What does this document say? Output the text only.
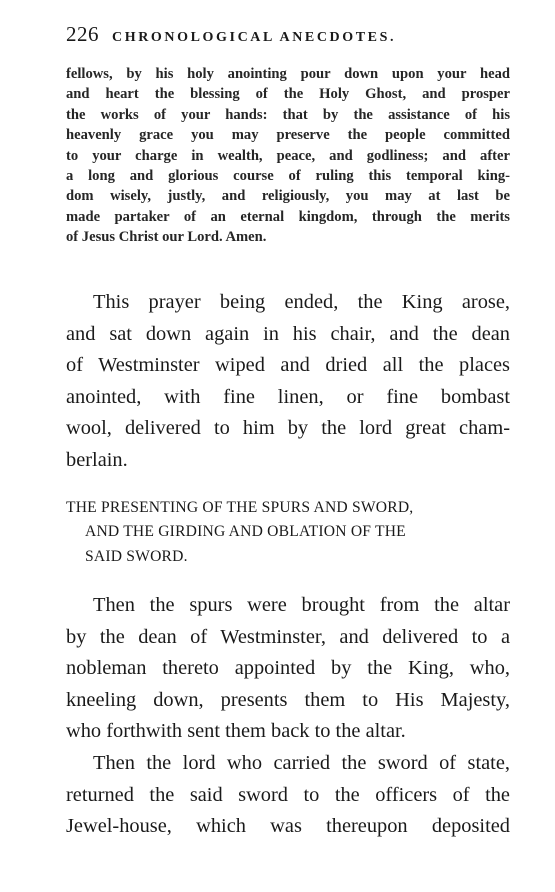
226 CHRONOLOGICAL ANECDOTES.
fellows, by his holy anointing pour down upon your head
and heart the blessing of the Holy Ghost, and prosper
the works of your hands: that by the assistance of his
heavenly grace you may preserve the people committed
to your charge in wealth, peace, and godliness; and after
a long and glorious course of ruling this temporal king-
dom wisely, justly, and religiously, you may at last be
made partaker of an eternal kingdom, through the merits
of Jesus Christ our Lord. Amen.
This prayer being ended, the King arose,
and sat down again in his chair, and the dean
of Westminster wiped and dried all the places
anointed, with fine linen, or fine bombast
wool, delivered to him by the lord great cham-
berlain.
THE PRESENTING OF THE SPURS AND SWORD,
AND THE GIRDING AND OBLATION OF THE
SAID SWORD.
Then the spurs were brought from the altar
by the dean of Westminster, and delivered to a
nobleman thereto appointed by the King, who,
kneeling down, presents them to His Majesty,
who forthwith sent them back to the altar.
Then the lord who carried the sword of state,
returned the said sword to the officers of the
Jewel-house, which was thereupon deposited
